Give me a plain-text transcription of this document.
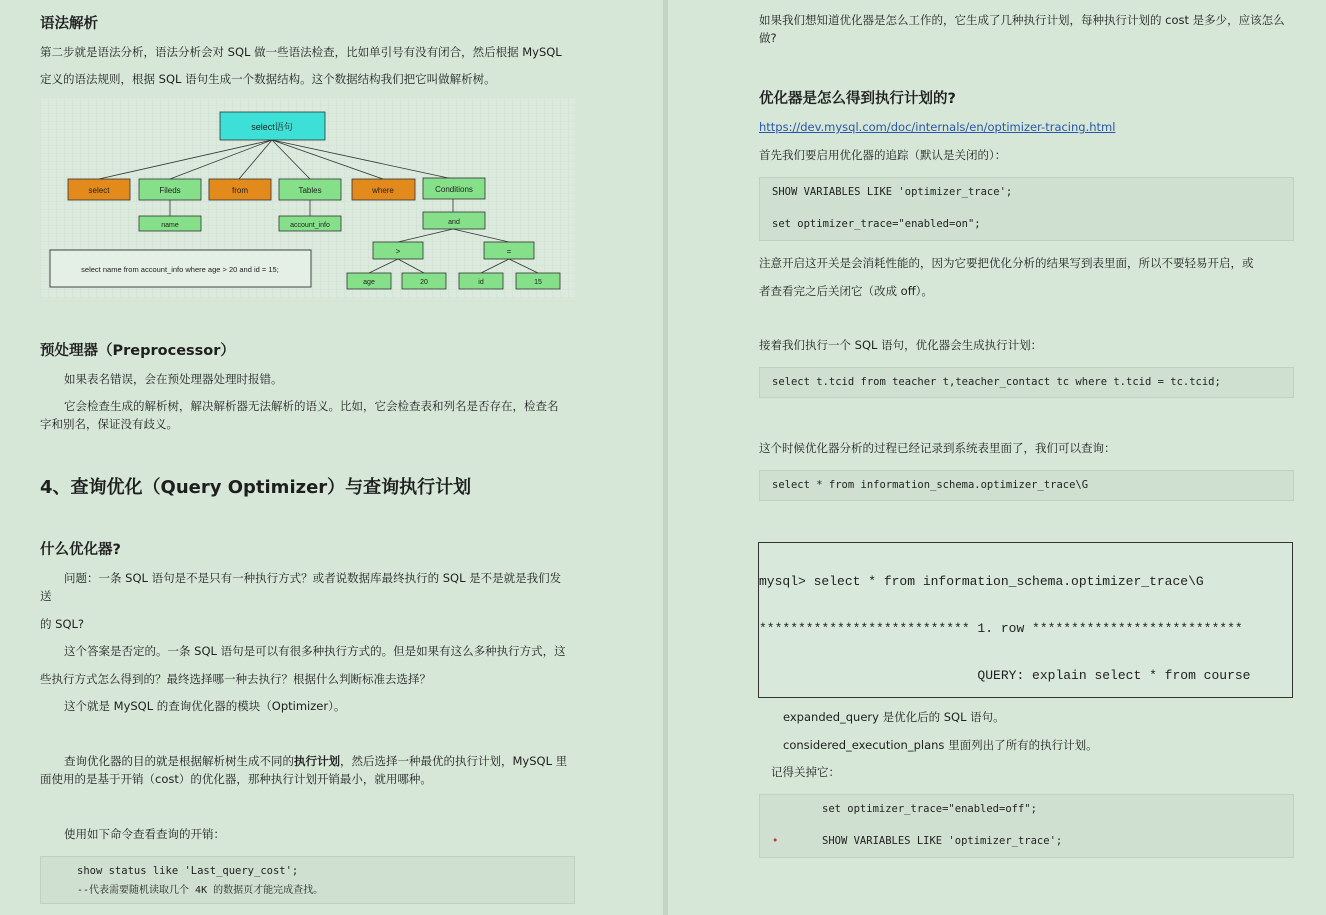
语法解析
第二步就是语法分析，语法分析会对 SQL 做一些语法检查，比如单引号有没有闭合，然后根据 MySQL
定义的语法规则，根据 SQL 语句生成一个数据结构。这个数据结构我们把它叫做解析树。
select语句
select	Fileds	from	Tables	where	Conditions
name	account_info	and
>	=
age	20	id	15
select name from account_info where age > 20 and id = 15;
预处理器（Preprocessor）
如果表名错误，会在预处理器处理时报错。
它会检查生成的解析树，解决解析器无法解析的语义。比如，它会检查表和列名是否存在，检查名
字和别名，保证没有歧义。
4、查询优化（Query Optimizer）与查询执行计划
什么优化器?
问题：一条 SQL 语句是不是只有一种执行方式？或者说数据库最终执行的 SQL 是不是就是我们发
送
的 SQL?
这个答案是否定的。一条 SQL 语句是可以有很多种执行方式的。但是如果有这么多种执行方式，这
些执行方式怎么得到的？最终选择哪一种去执行？根据什么判断标准去选择？
这个就是 MySQL 的查询优化器的模块（Optimizer）。
查询优化器的目的就是根据解析树生成不同的执行计划，然后选择一种最优的执行计划，MySQL 里
面使用的是基于开销（cost）的优化器，那种执行计划开销最小，就用哪种。
使用如下命令查看查询的开销：
show status like 'Last_query_cost';
--代表需要随机读取几个 4K 的数据页才能完成查找。
如果我们想知道优化器是怎么工作的，它生成了几种执行计划，每种执行计划的 cost 是多少，应该怎么
做?
优化器是怎么得到执行计划的?
https://dev.mysql.com/doc/internals/en/optimizer-tracing.html
首先我们要启用优化器的追踪（默认是关闭的）：
SHOW VARIABLES LIKE 'optimizer_trace';
set optimizer_trace="enabled=on";
注意开启这开关是会消耗性能的，因为它要把优化分析的结果写到表里面，所以不要轻易开启，或
者查看完之后关闭它（改成 off）。
接着我们执行一个 SQL 语句，优化器会生成执行计划：
select t.tcid from teacher t,teacher_contact tc where t.tcid = tc.tcid;
这个时候优化器分析的过程已经记录到系统表里面了，我们可以查询：
select * from information_schema.optimizer_trace\G

mysql> select * from information_schema.optimizer_trace\G

*************************** 1. row ***************************

QUERY: explain select * from course

expanded_query 是优化后的 SQL 语句。
considered_execution_plans 里面列出了所有的执行计划。
记得关掉它：
set optimizer_trace="enabled=off";
•	SHOW VARIABLES LIKE 'optimizer_trace';
